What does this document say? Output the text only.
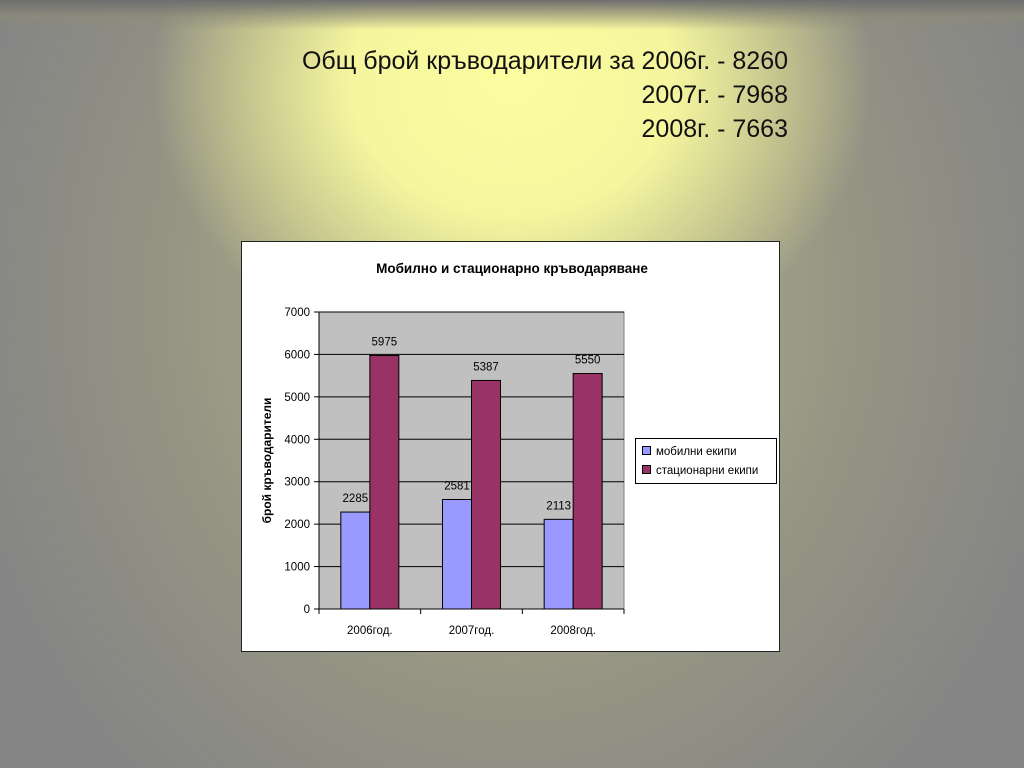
Общ брой кръводарители за 2006г. - 8260
2007г. - 7968
2008г. - 7663
Мобилно и стационарно кръводаряване
0
1000
2000
3000
4000
5000
6000
7000
брой кръводарители
2006год.
2285
5975
2007год.
2581
5387
2008год.
2113
5550
мобилни екипи
стационарни екипи
